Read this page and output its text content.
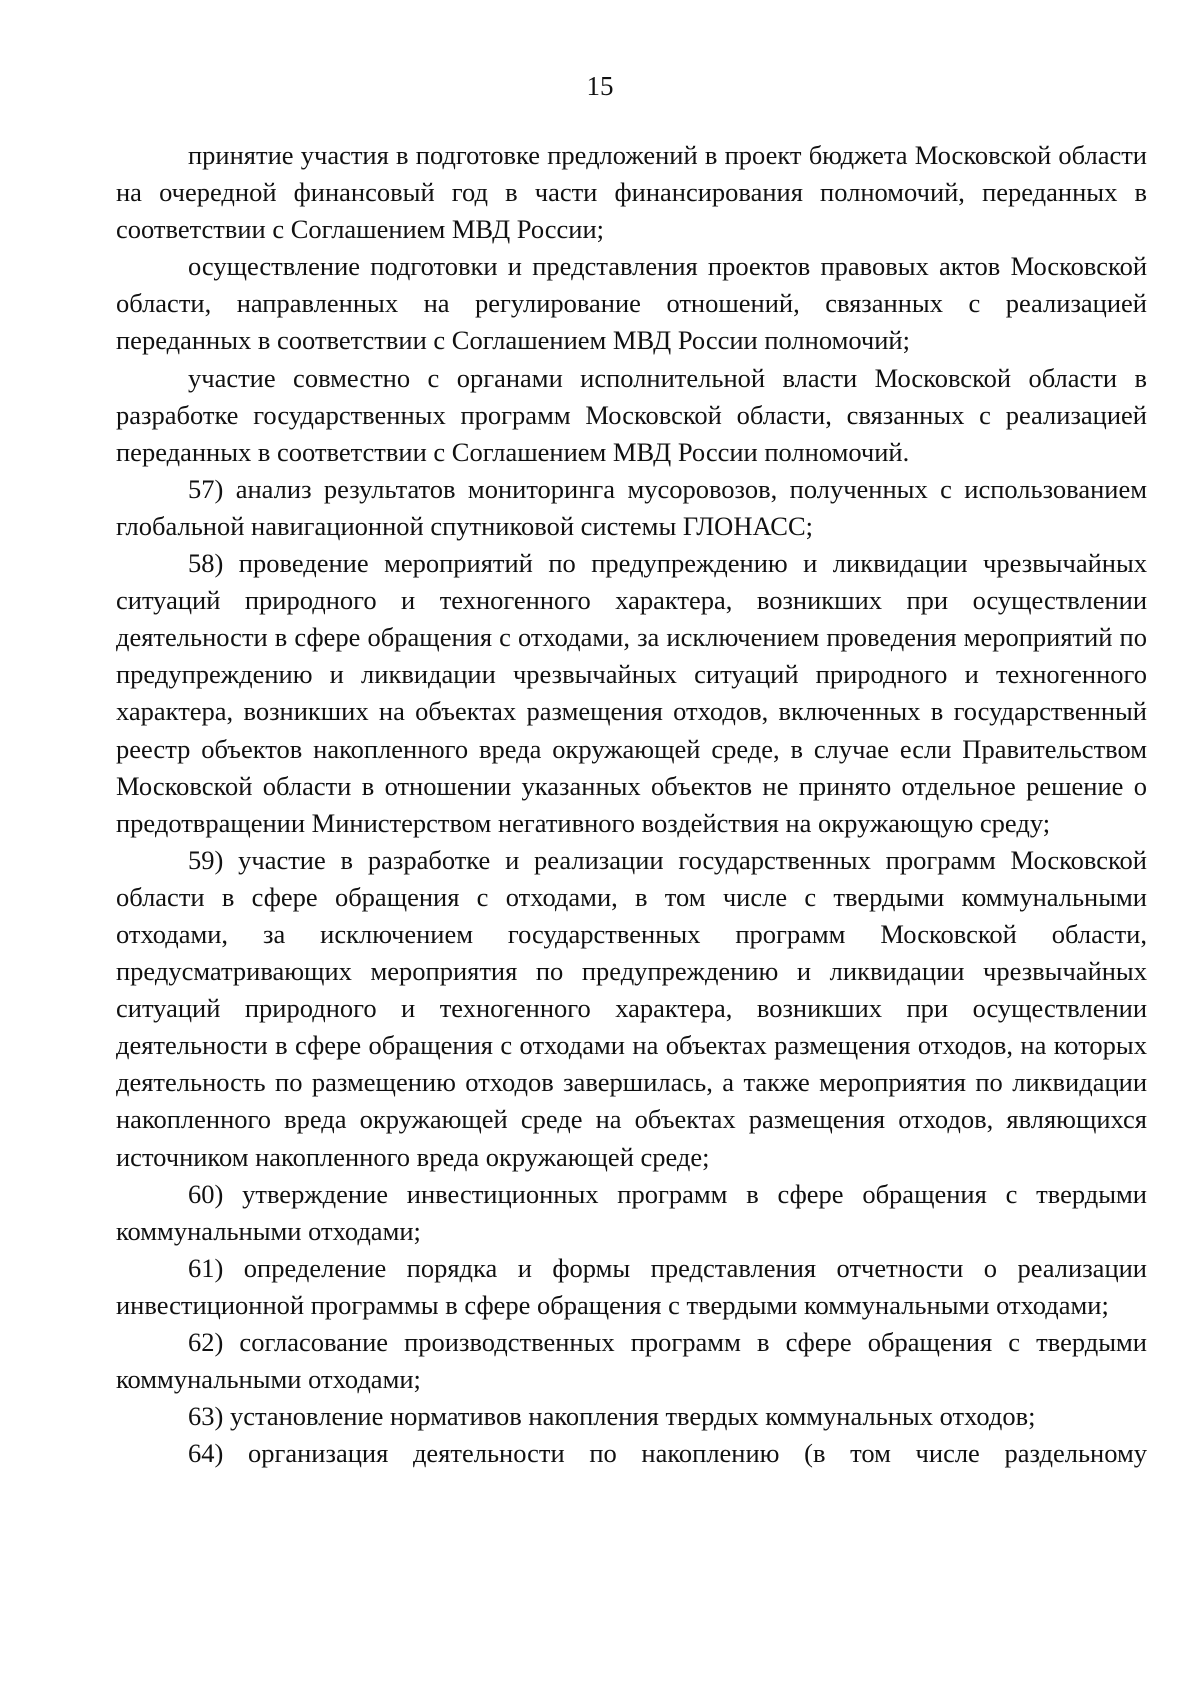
15

принятие участия в подготовке предложений в проект бюджета Московской области на очередной финансовый год в части финансирования полномочий, переданных в соответствии с Соглашением МВД России;

осуществление подготовки и представления проектов правовых актов Московской области, направленных на регулирование отношений, связанных с реализацией переданных в соответствии с Соглашением МВД России полномочий;

участие совместно с органами исполнительной власти Московской области в разработке государственных программ Московской области, связанных с реализацией переданных в соответствии с Соглашением МВД России полномочий.

57) анализ результатов мониторинга мусоровозов, полученных с использованием глобальной навигационной спутниковой системы ГЛОНАСС;

58) проведение мероприятий по предупреждению и ликвидации чрезвычайных ситуаций природного и техногенного характера, возникших при осуществлении деятельности в сфере обращения с отходами, за исключением проведения мероприятий по предупреждению и ликвидации чрезвычайных ситуаций природного и техногенного характера, возникших на объектах размещения отходов, включенных в государственный реестр объектов накопленного вреда окружающей среде, в случае если Правительством Московской области в отношении указанных объектов не принято отдельное решение о предотвращении Министерством негативного воздействия на окружающую среду;

59) участие в разработке и реализации государственных программ Московской области в сфере обращения с отходами, в том числе с твердыми коммунальными отходами, за исключением государственных программ Московской области, предусматривающих мероприятия по предупреждению и ликвидации чрезвычайных ситуаций природного и техногенного характера, возникших при осуществлении деятельности в сфере обращения с отходами на объектах размещения отходов, на которых деятельность по размещению отходов завершилась, а также мероприятия по ликвидации накопленного вреда окружающей среде на объектах размещения отходов, являющихся источником накопленного вреда окружающей среде;

60) утверждение инвестиционных программ в сфере обращения с твердыми коммунальными отходами;

61) определение порядка и формы представления отчетности о реализации инвестиционной программы в сфере обращения с твердыми коммунальными отходами;

62) согласование производственных программ в сфере обращения с твердыми коммунальными отходами;

63) установление нормативов накопления твердых коммунальных отходов;

64) организация деятельности по накоплению (в том числе раздельному
